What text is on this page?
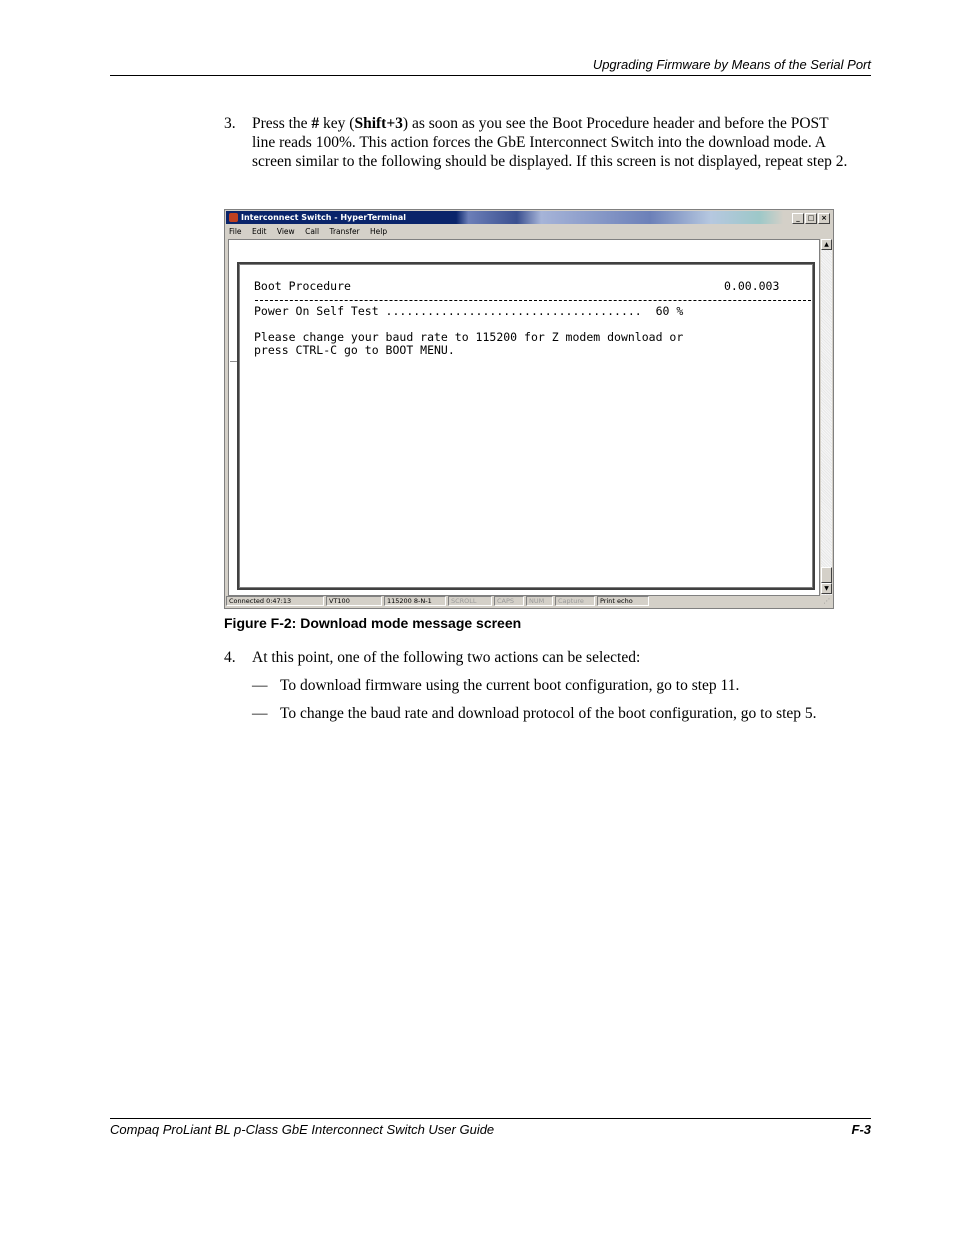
Upgrading Firmware by Means of the Serial Port
3. Press the # key (Shift+3) as soon as you see the Boot Procedure header and before the POST line reads 100%. This action forces the GbE Interconnect Switch into the download mode. A screen similar to the following should be displayed. If this screen is not displayed, repeat step 2.
Interconnect Switch - HyperTerminal	_ □ ×
File Edit View Call Transfer Help
Boot Procedure	0.00.003
Power On Self Test .....................................  60 %
Please change your baud rate to 115200 for Z modem download or
press CTRL-C go to BOOT MENU.
_
▲
▼
Connected 0:47:13	VT100	115200 8-N-1	SCROLL	CAPS	NUM	Capture	Print echo	⋰
Figure F-2: Download mode message screen
4. At this point, one of the following two actions can be selected:
— To download firmware using the current boot configuration, go to step 11.
— To change the baud rate and download protocol of the boot configuration, go to step 5.
Compaq ProLiant BL p-Class GbE Interconnect Switch User Guide	F-3
